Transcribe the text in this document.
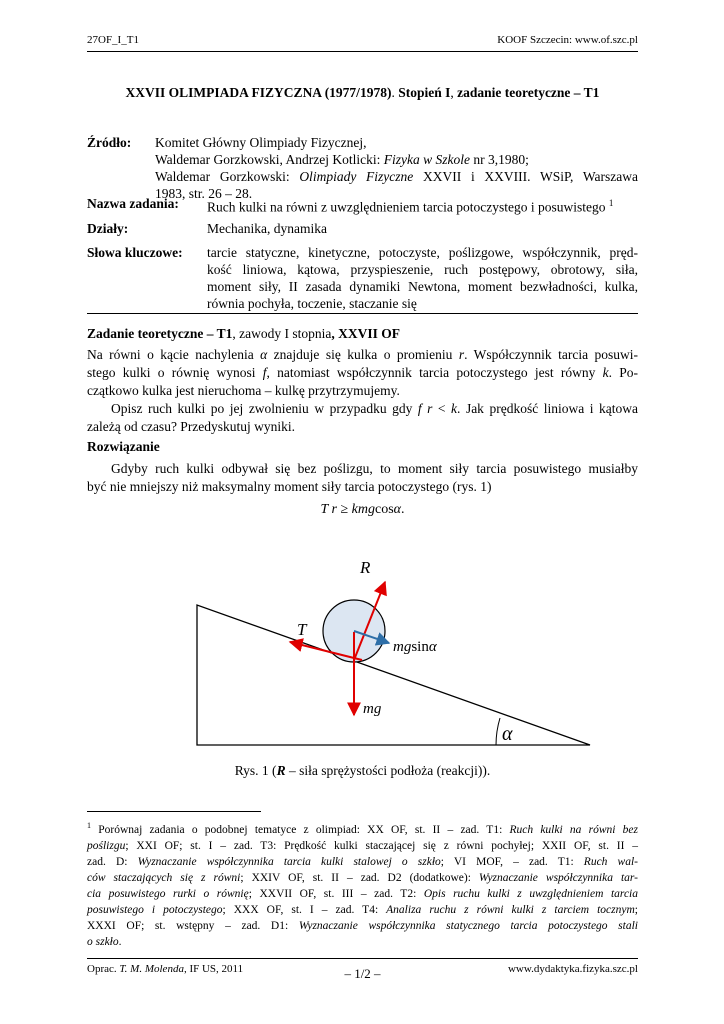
27OF_I_T1	KOOF Szczecin: www.of.szc.pl
XXVII OLIMPIADA FIZYCZNA (1977/1978). Stopień I, zadanie teoretyczne – T1
Źródło: Komitet Główny Olimpiady Fizycznej,
Waldemar Gorzkowski, Andrzej Kotlicki: Fizyka w Szkole nr 3,1980;
Waldemar Gorzkowski: Olimpiady Fizyczne XXVII i XXVIII. WSiP, Warszawa
1983, str. 26 – 28.
Nazwa zadania: Ruch kulki na równi z uwzględnieniem tarcia potoczystego i posuwistego $^1$
Działy:	Mechanika, dynamika
Słowa kluczowe: tarcie statyczne, kinetyczne, potoczyste, poślizgowe, współczynnik, pręd-
kość liniowa, kątowa, przyspieszenie, ruch postępowy, obrotowy, siła,
moment siły, II zasada dynamiki Newtona, moment bezwładności, kulka,
równia pochyła, toczenie, staczanie się
Zadanie teoretyczne – T1, zawody I stopnia, XXVII OF
Na równi o kącie nachylenia α znajduje się kulka o promieniu r. Współczynnik tarcia posuwi-
stego kulki o równię wynosi f, natomiast współczynnik tarcia potoczystego jest równy k. Po-
czątkowo kulka jest nieruchoma – kulkę przytrzymujemy.
Opisz ruch kulki po jej zwolnieniu w przypadku gdy f r < k. Jak prędkość liniowa i kątowa
zależą od czasu? Przedyskutuj wyniki.
Rozwiązanie
Gdyby ruch kulki odbywał się bez poślizgu, to moment siły tarcia posuwistego musiałby
być nie mniejszy niż maksymalny moment siły tarcia potoczystego (rys. 1)
T r ≥ kmgcosα.
R
T
mgsinα
mg
α
Rys. 1 (R – siła sprężystości podłoża (reakcji)).
$^1$ Porównaj zadania o podobnej tematyce z olimpiad: XX OF, st. II – zad. T1: Ruch kulki na równi bez
poślizgu; XXI OF; st. I – zad. T3: Prędkość kulki staczającej się z równi pochyłej; XXII OF, st. II –
zad. D: Wyznaczanie współczynnika tarcia kulki stalowej o szkło; VI MOF, – zad. T1: Ruch wal-
ców staczających się z równi; XXIV OF, st. II – zad. D2 (dodatkowe): Wyznaczanie współczynnika tar-
cia posuwistego rurki o równię; XXVII OF, st. III – zad. T2: Opis ruchu kulki z uwzględnieniem tarcia
posuwistego i potoczystego; XXX OF, st. I – zad. T4: Analiza ruchu z równi kulki z tarciem tocznym;
XXXI OF; st. wstępny – zad. D1: Wyznaczanie współczynnika statycznego tarcia potoczystego stali
o szkło.
Oprac. T. M. Molenda, IF US, 2011	– 1/2 –	www.dydaktyka.fizyka.szc.pl
